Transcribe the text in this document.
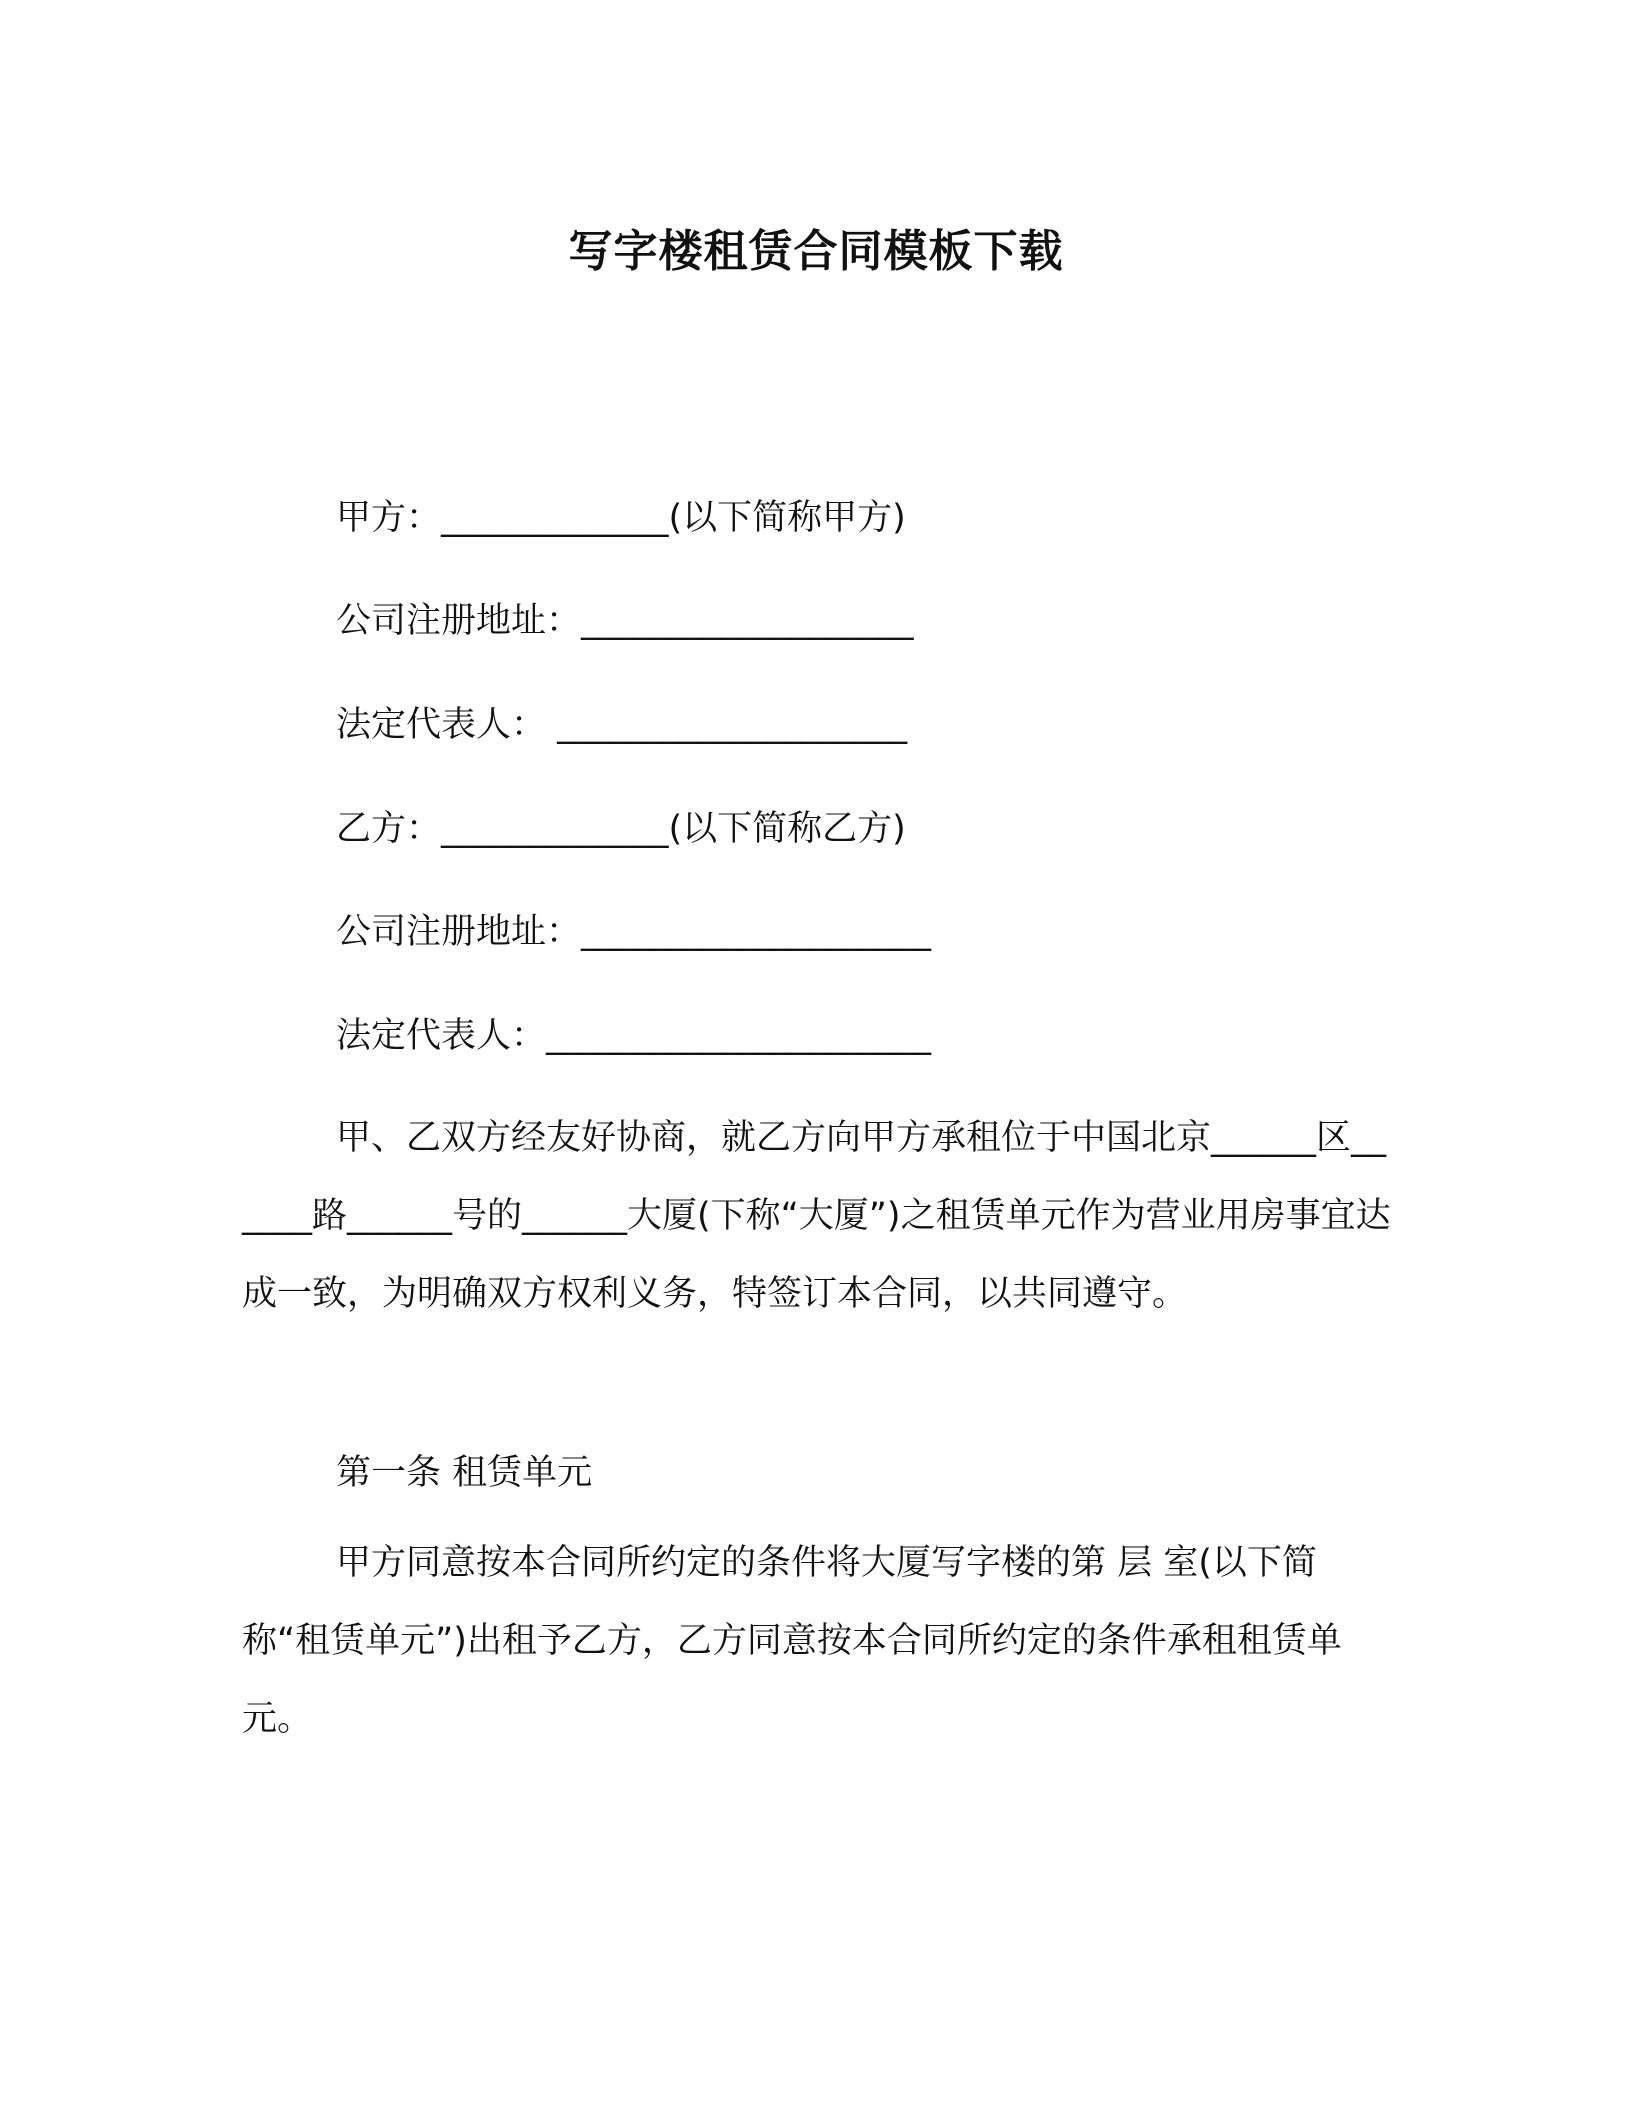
写字楼租赁合同模板下载
甲方：_____________(以下简称甲方)
公司注册地址：___________________
法定代表人： ____________________
乙方：_____________(以下简称乙方)
公司注册地址：____________________
法定代表人：______________________
甲、乙双方经友好协商，就乙方向甲方承租位于中国北京______区______路______号的______大厦(下称“大厦”)之租赁单元作为营业用房事宜达成一致，为明确双方权利义务，特签订本合同，以共同遵守。
第一条 租赁单元
甲方同意按本合同所约定的条件将大厦写字楼的第 层 室(以下简称“租赁单元”)出租予乙方，乙方同意按本合同所约定的条件承租租赁单元。
